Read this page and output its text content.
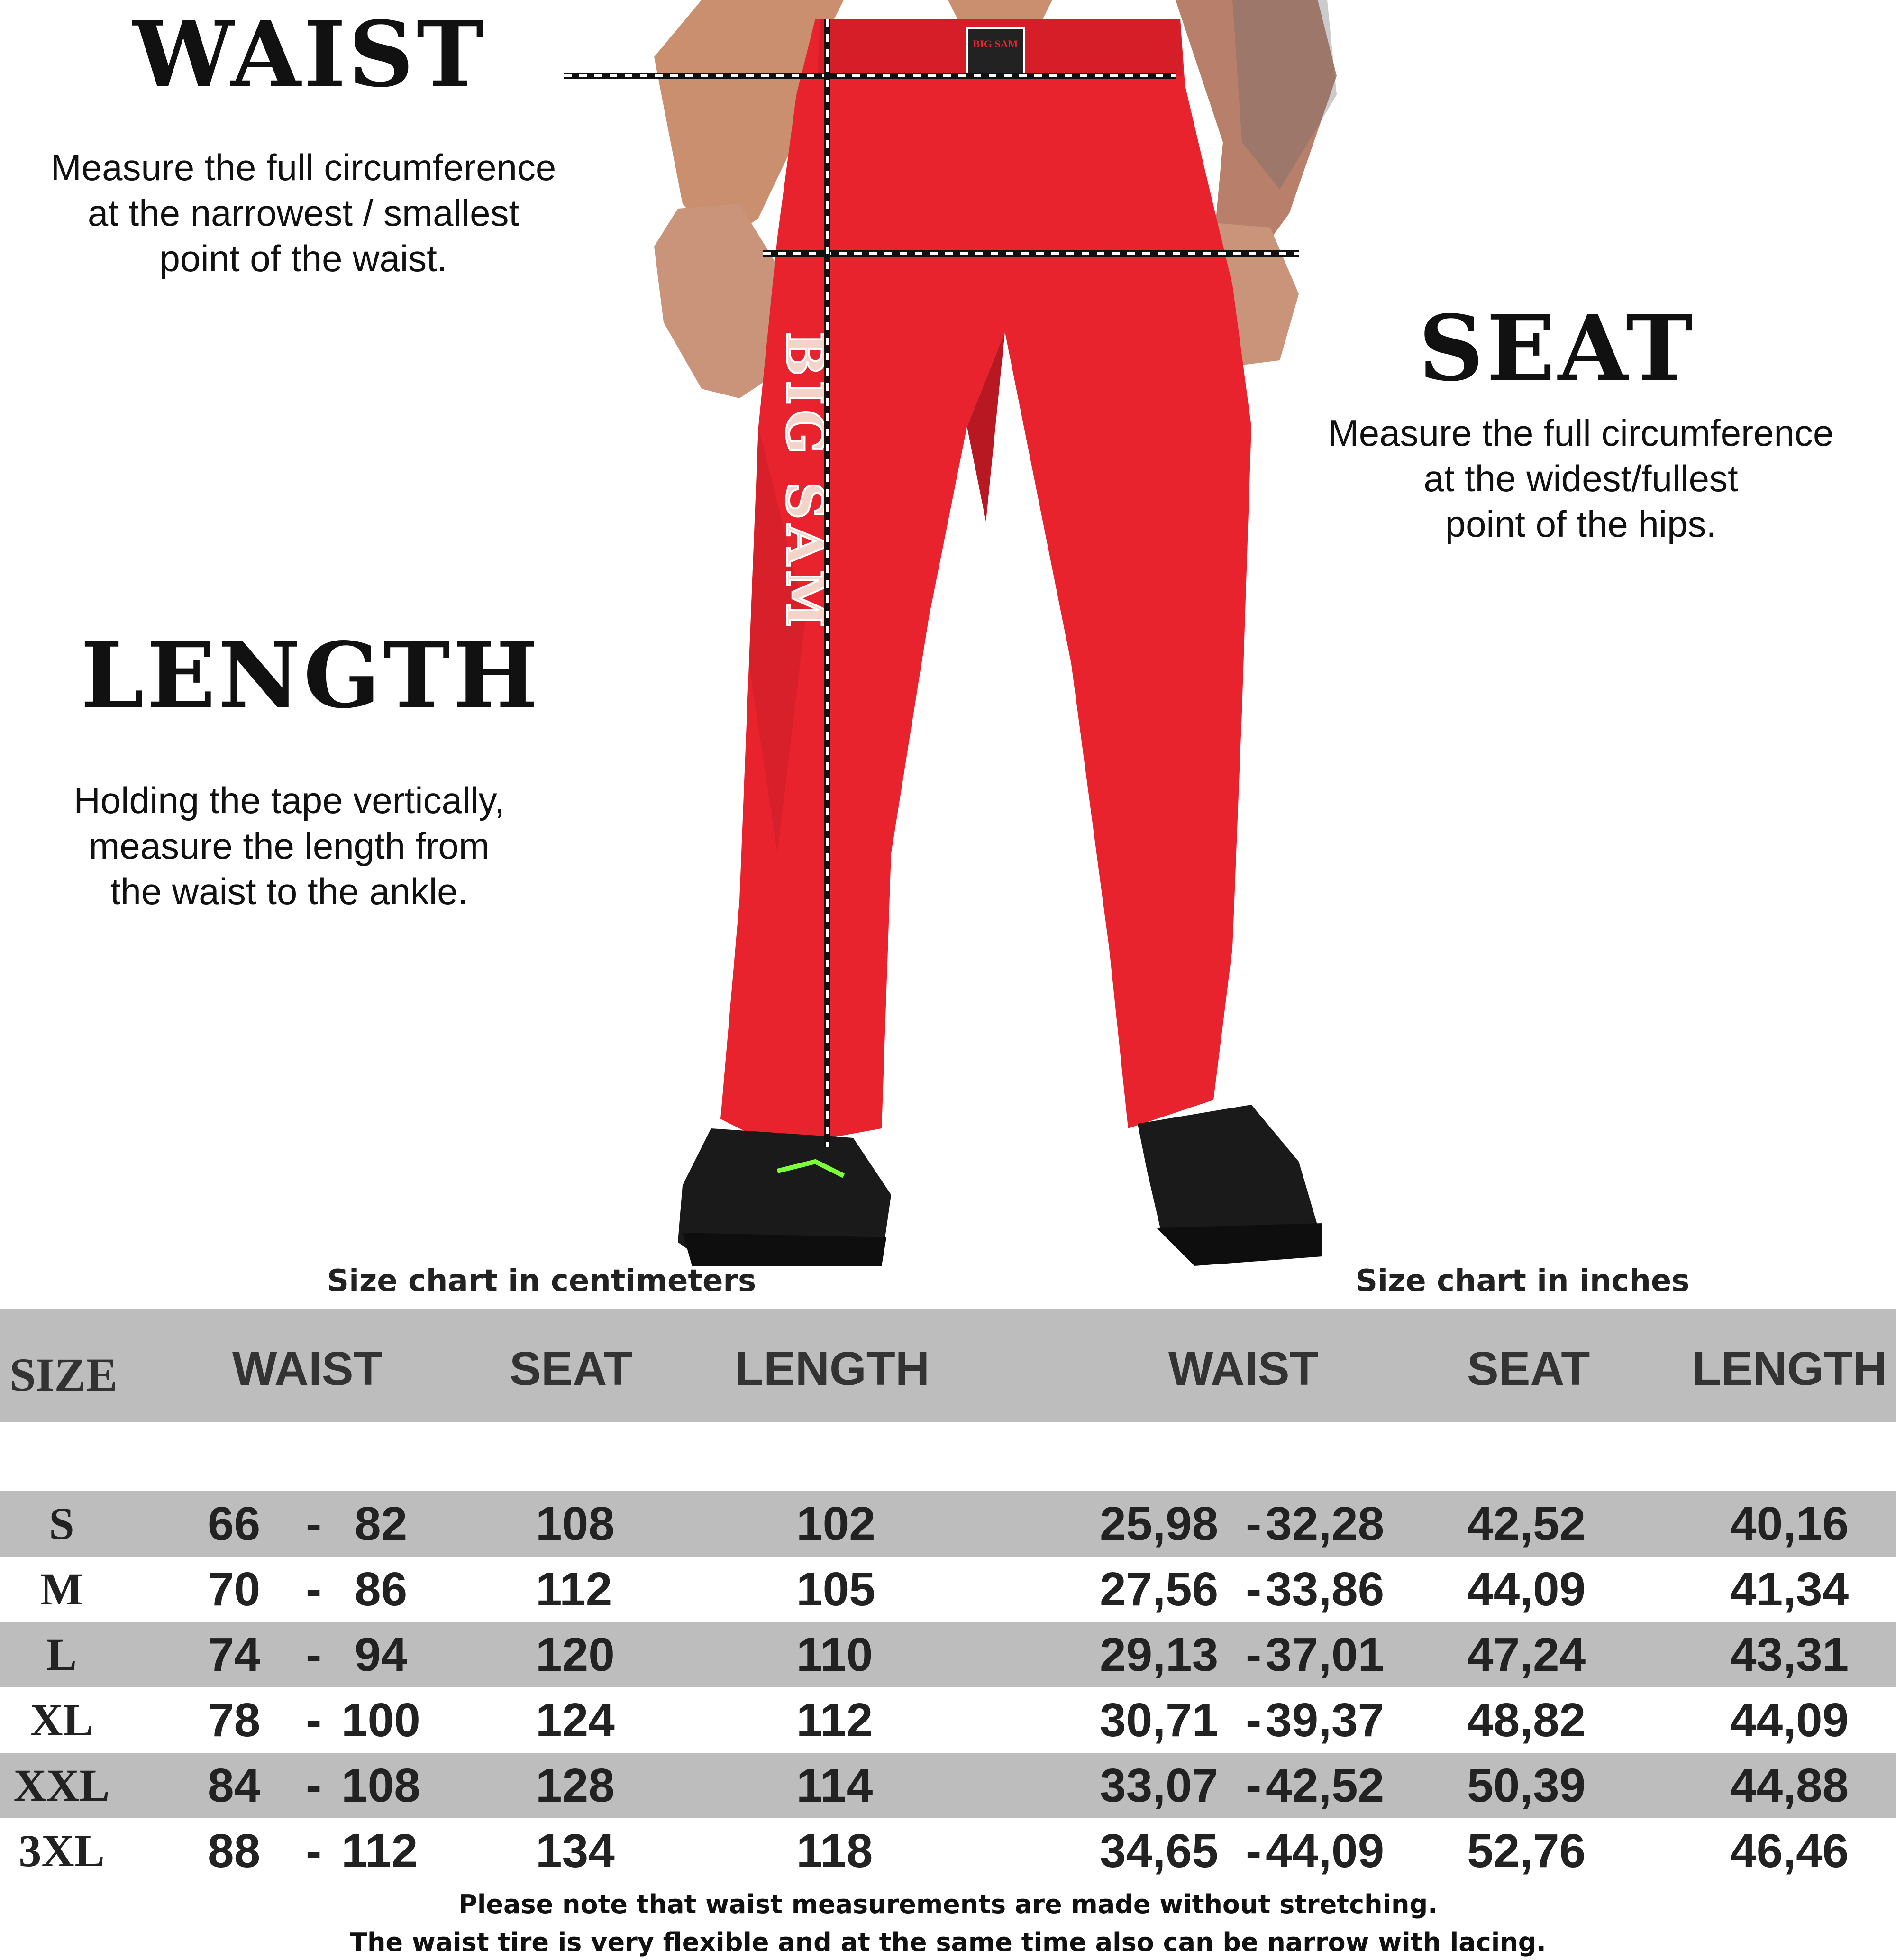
WAIST
Measure the full circumference
at the narrowest / smallest
point of the waist.
SEAT
Measure the full circumference
at the widest/fullest
point of the hips.
LENGTH
Holding the tape vertically,
measure the length from
the waist to the ankle.
BIG SAM
BIG SAM
Size chart in centimeters	Size chart in inches
SIZE WAIST	SEAT LENGTH	WAIST	SEAT LENGTH
S	66 - 82	108	102	25,98 - 32,28 42,52	40,16
M	70 - 86	112	105	27,56 - 33,86 44,09	41,34
L	74 - 94	120	110	29,13 - 37,01 47,24	43,31
XL	78 - 100 124	112	30,71 - 39,37 48,82	44,09
XXL 84 - 108 128	114	33,07 - 42,52 50,39	44,88
3XL	88 - 112 134	118	34,65 - 44,09 52,76	46,46
Please note that waist measurements are made without stretching.
The waist tire is very flexible and at the same time also can be narrow with lacing.
